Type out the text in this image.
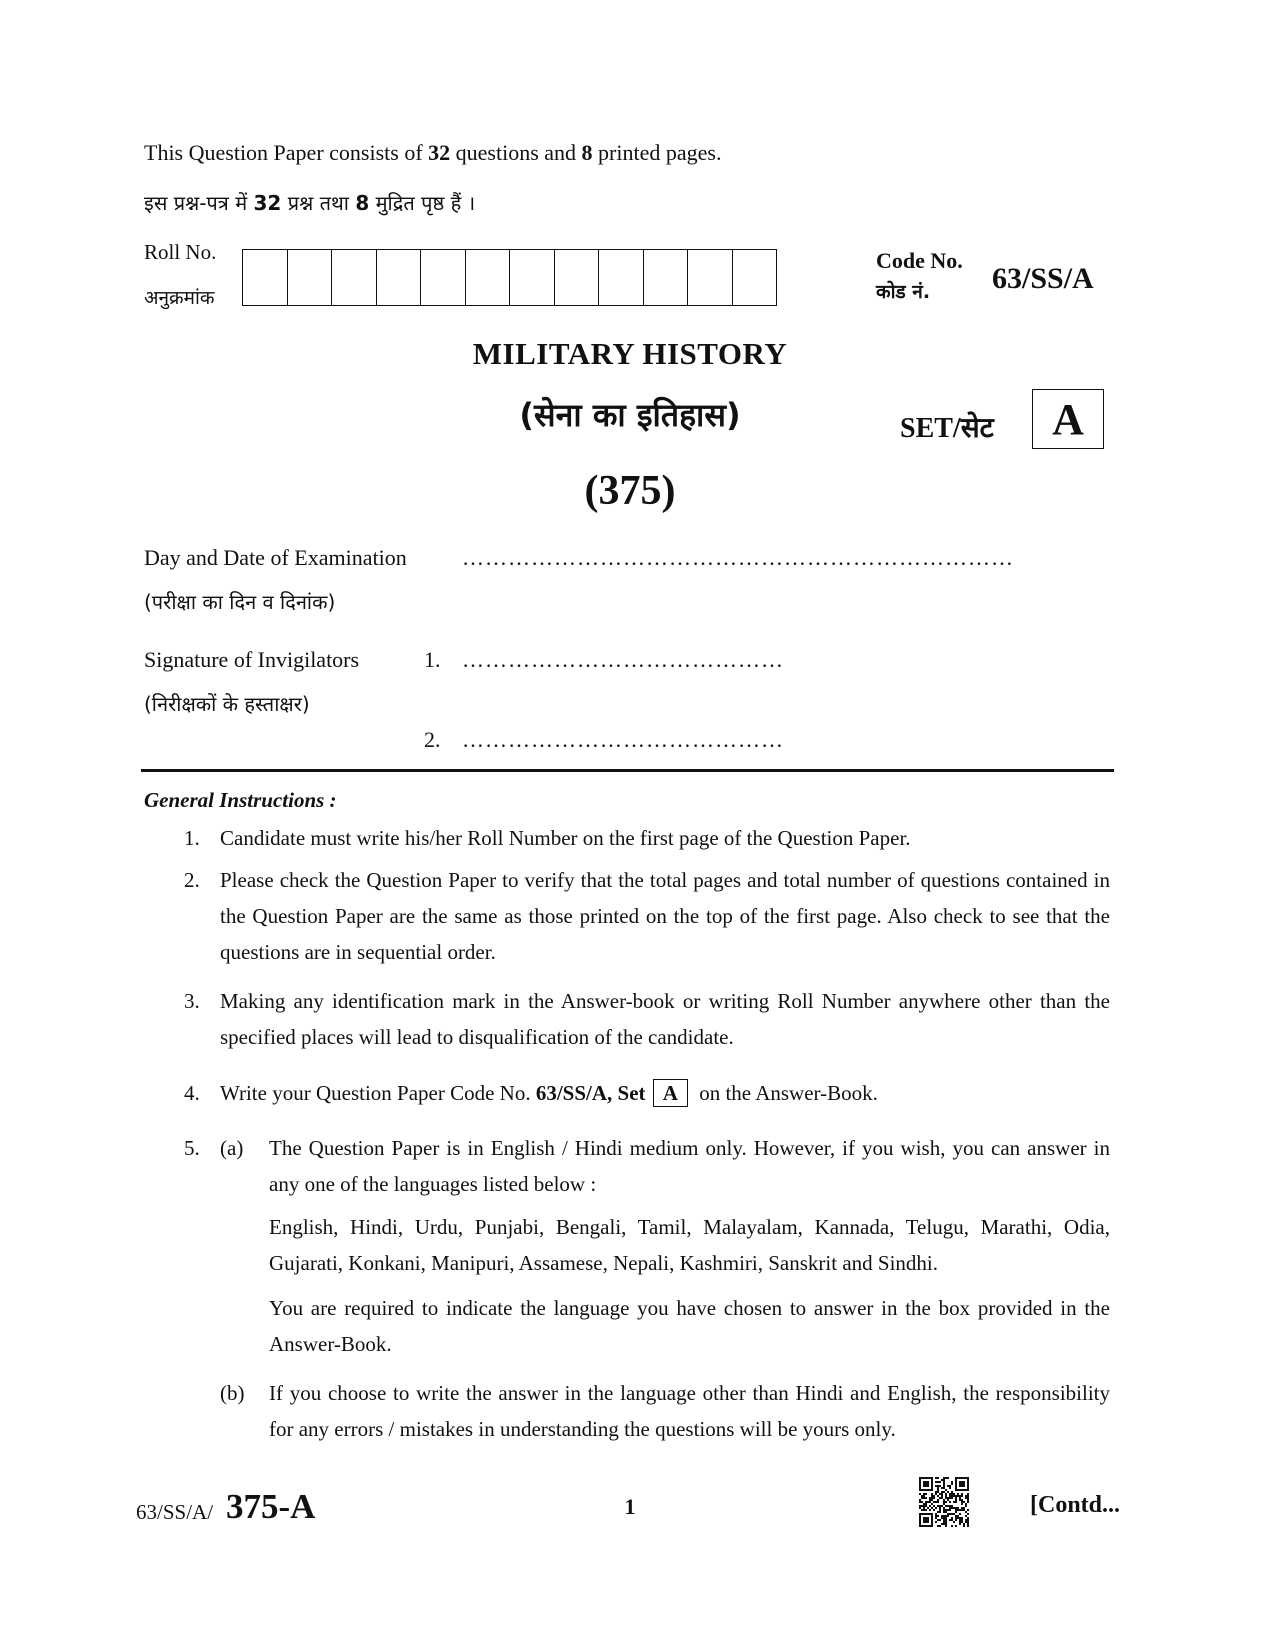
This Question Paper consists of 32 questions and 8 printed pages.
इस प्रश्न-पत्र में 32 प्रश्न तथा 8 मुद्रित पृष्ठ हैं ।
Roll No.
अनुक्रमांक
Code No.
कोड नं. 63/SS/A
MILITARY HISTORY
(सेना का इतिहास)
(375)
SET/सेट	A
Day and Date of Examination
(परीक्षा का दिन व दिनांक)
………………………………………………………………
Signature of Invigilators
(निरीक्षकों के हस्ताक्षर)
1. ……………………………………
2. ……………………………………
General Instructions :
1. Candidate must write his/her Roll Number on the first page of the Question Paper.
2. Please check the Question Paper to verify that the total pages and total number of questions contained in the Question Paper are the same as those printed on the top of the first page. Also check to see that the questions are in sequential order.
3. Making any identification mark in the Answer-book or writing Roll Number anywhere other than the specified places will lead to disqualification of the candidate.
4. Write your Question Paper Code No. 63/SS/A, Set A on the Answer-Book.
5. (a) The Question Paper is in English / Hindi medium only. However, if you wish, you can answer in any one of the languages listed below :
English, Hindi, Urdu, Punjabi, Bengali, Tamil, Malayalam, Kannada, Telugu, Marathi, Odia, Gujarati, Konkani, Manipuri, Assamese, Nepali, Kashmiri, Sanskrit and Sindhi.
You are required to indicate the language you have chosen to answer in the box provided in the Answer-Book.
(b) If you choose to write the answer in the language other than Hindi and English, the responsibility for any errors / mistakes in understanding the questions will be yours only.
63/SS/A/ 375-A	1	[Contd...
